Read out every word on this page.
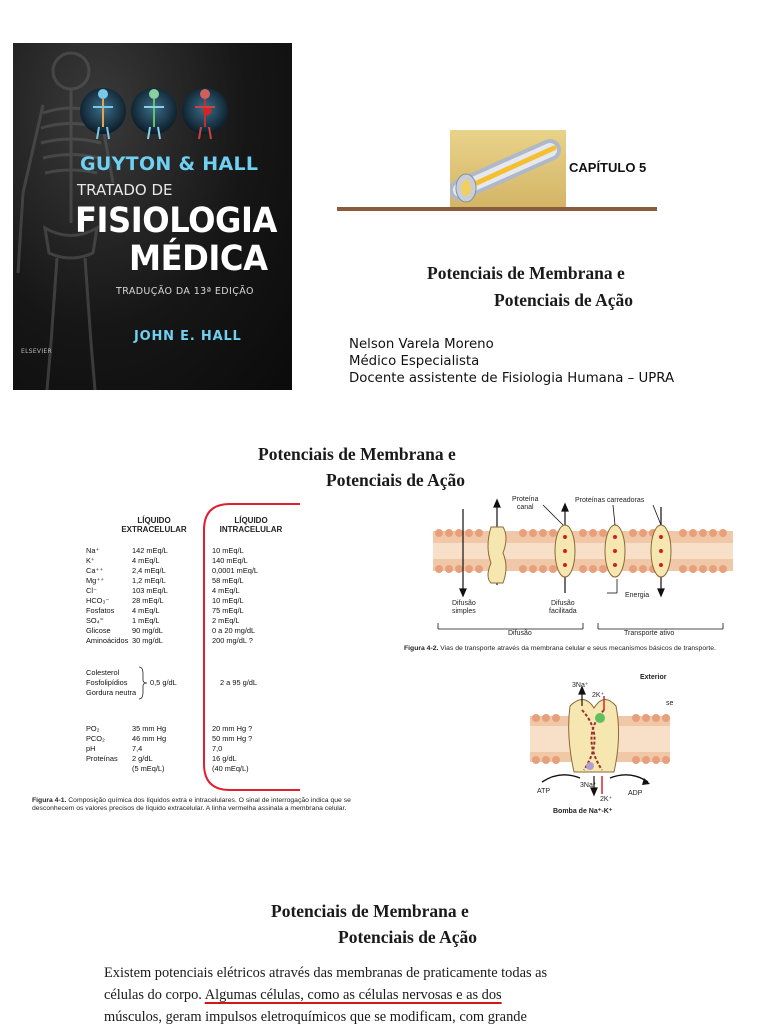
GUYTON & HALL
TRATADO DE
FISIOLOGIA
MÉDICA
TRADUÇÃO DA 13ª EDIÇÃO
JOHN E. HALL
ELSEVIER
CAPÍTULO 5
Potenciais de Membrana e
Potenciais de Ação
Nelson Varela Moreno
Médico Especialista
Docente assistente de Fisiologia Humana – UPRA
Potenciais de Membrana e
Potenciais de Ação
LÍQUIDO
EXTRACELULAR
LÍQUIDO
INTRACELULAR
Na⁺	142 mEq/L	10 mEq/L
K⁺	4 mEq/L	140 mEq/L
Ca⁺⁺	2,4 mEq/L	0,0001 mEq/L
Mg⁺⁺	1,2 mEq/L	58 mEq/L
Cl⁻	103 mEq/L	4 mEq/L
HCO₃⁻	28 mEq/L	10 mEq/L
Fosfatos 4 mEq/L	75 mEq/L
SO₄⁼	1 mEq/L	2 mEq/L
Glicose	90 mg/dL	0 a 20 mg/dL
Aminoácidos 30 mg/dL	200 mg/dL ?
Colesterol
Fosfolipídios
Gordura neutra
0,5 g/dL	2 a 95 g/dL
PO₂	35 mm Hg	20 mm Hg ?
PCO₂	46 mm Hg	50 mm Hg ?
pH	7,4	7,0
Proteínas 2 g/dL	16 g/dL
(5 mEq/L)	(40 mEq/L)
Figura 4-1. Composição química dos líquidos extra e intracelulares. O sinal de interrogação indica que se desconhecem os valores precisos de líquido extracelular. A linha vermelha assinala a membrana celular.
Proteína
canal
Proteínas carreadoras
Energia
Difusão
simples
Difusão
facilitada
Difusão	Transporte ativo
Figura 4-2. Vias de transporte através da membrana celular e seus mecanismos básicos de transporte.
3Na⁺
2K⁺
Exterior
se
3Na⁺
2K⁺
ATP	ADP
Bomba de Na⁺-K⁺
Potenciais de Membrana e
Potenciais de Ação
Existem potenciais elétricos através das membranas de praticamente todas as
células do corpo. Algumas células, como as células nervosas e as dos
músculos, geram impulsos eletroquímicos que se modificam, com grande
